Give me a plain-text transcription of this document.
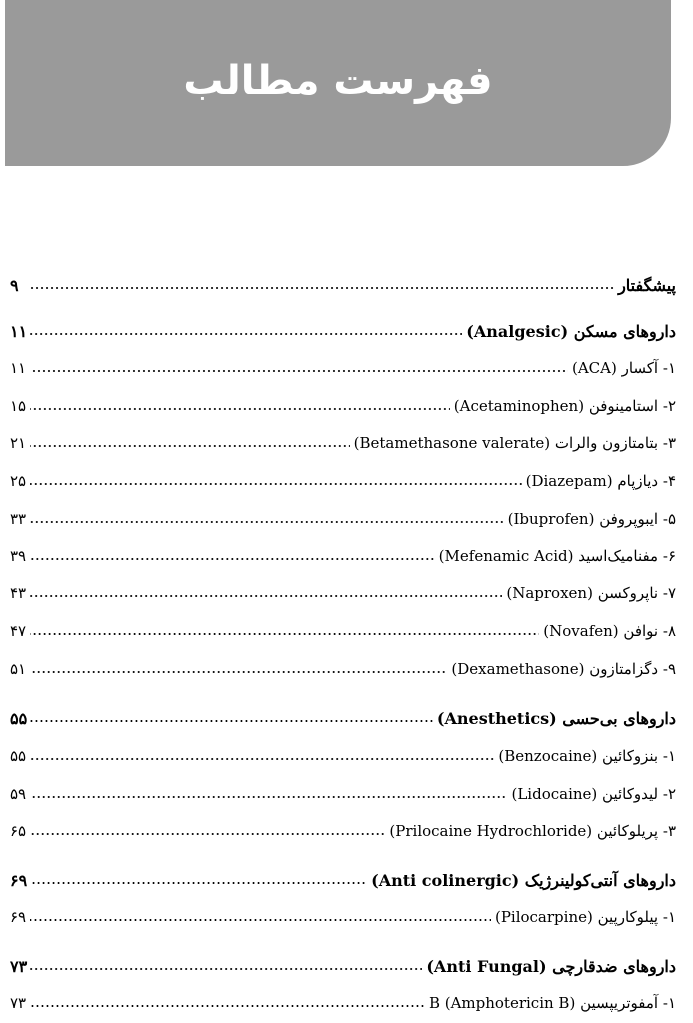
فهرست مطالب
پیشگفتار
۹
داروهای مسکن (Analgesic)
۱۱
۱- آکسار (ACA)
۱۱
۲- استامینوفن (Acetaminophen)
۱۵
۳- بتامتازون والرات (Betamethasone valerate)
۲۱
۴- دیازپام (Diazepam)
۲۵
۵- ایبوپروفن (Ibuprofen)
۳۳
۶- مفنامیک‌اسید (Mefenamic Acid)
۳۹
۷- ناپروکسن (Naproxen)
۴۳
۸- نوافن (Novafen)
۴۷
۹- دگزامتازون (Dexamethasone)
۵۱
داروهای بی‌حسی (Anesthetics)
۵۵
۱- بنزوکائین (Benzocaine)
۵۵
۲- لیدوکائین (Lidocaine)
۵۹
۳- پریلوکائین (Prilocaine Hydrochloride)
۶۵
داروهای آنتی‌کولینرژیک (Anti colinergic)
۶۹
۱- پیلوکارپین (Pilocarpine)
۶۹
داروهای ضدقارچی (Anti Fungal)
۷۳
۱- آمفوتریپسین B (Amphotericin B)
۷۳
